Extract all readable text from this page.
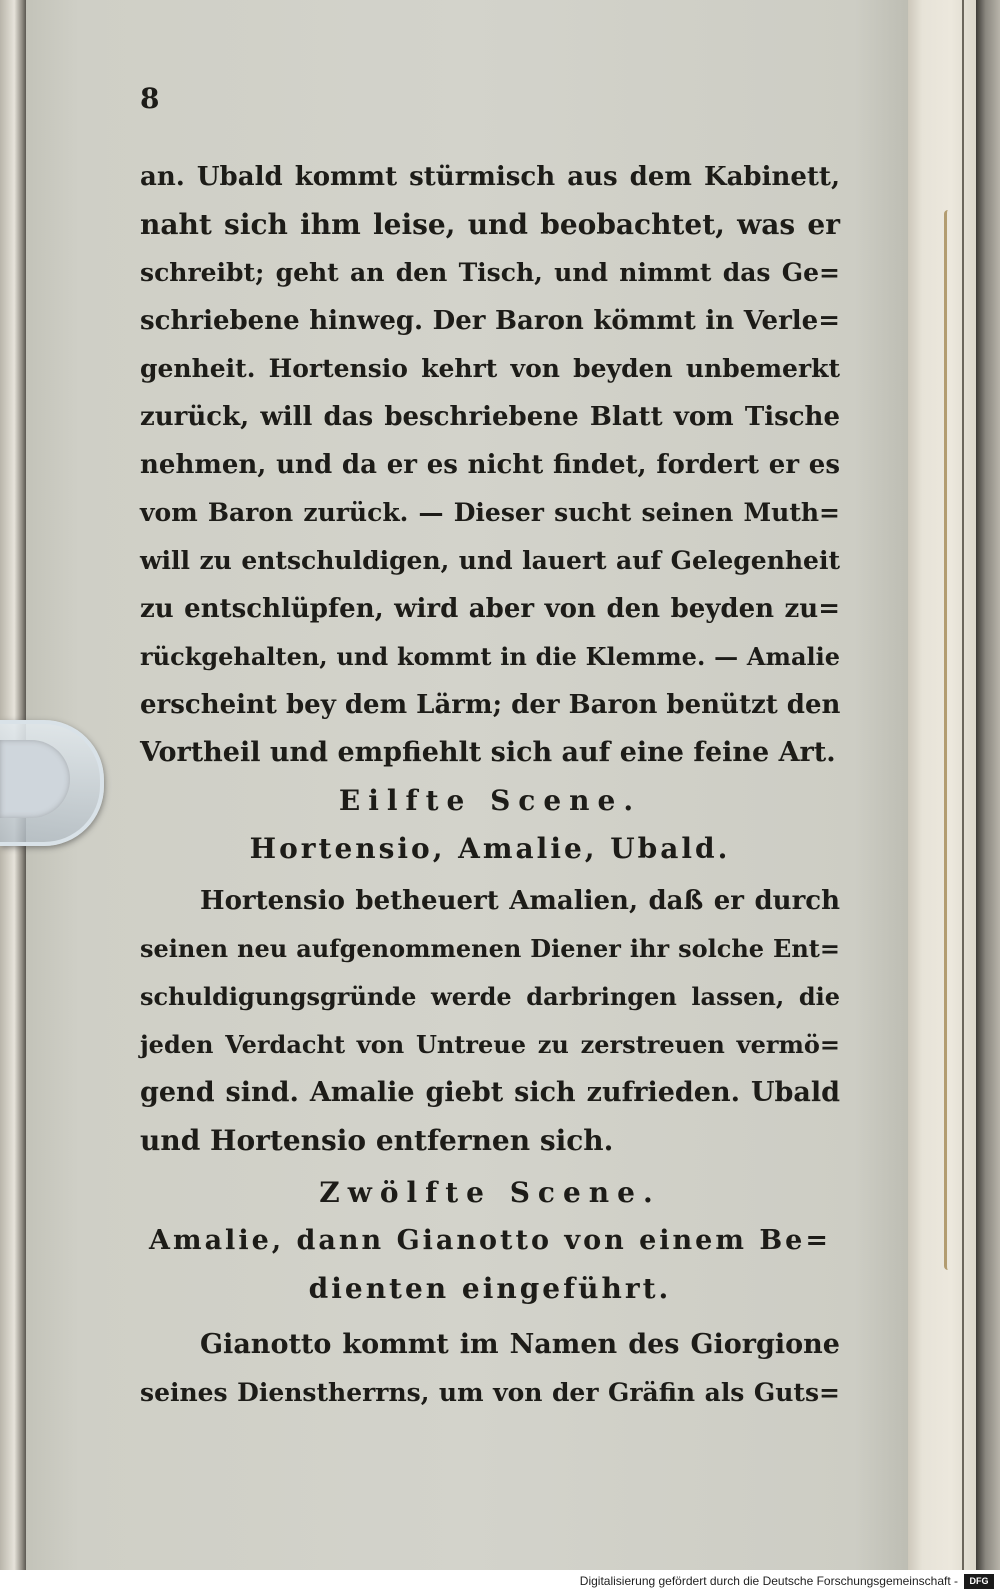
8

an. Ubald kommt stürmisch aus dem Kabinett,

naht sich ihm leise, und beobachtet, was er

schreibt; geht an den Tisch, und nimmt das Ge=

schriebene hinweg. Der Baron kömmt in Verle=

genheit. Hortensio kehrt von beyden unbemerkt

zurück, will das beschriebene Blatt vom Tische

nehmen, und da er es nicht findet, fordert er es

vom Baron zurück. — Dieser sucht seinen Muth=

will zu entschuldigen, und lauert auf Gelegenheit

zu entschlüpfen, wird aber von den beyden zu=

rückgehalten, und kommt in die Klemme. — Amalie

erscheint bey dem Lärm; der Baron benützt den

Vortheil und empfiehlt sich auf eine feine Art.

Eilfte Scene.

Hortensio, Amalie, Ubald.

Hortensio betheuert Amalien, daß er durch

seinen neu aufgenommenen Diener ihr solche Ent=

schuldigungsgründe werde darbringen lassen, die

jeden Verdacht von Untreue zu zerstreuen vermö=

gend sind. Amalie giebt sich zufrieden. Ubald

und Hortensio entfernen sich.

Zwölfte Scene.

Amalie, dann Gianotto von einem Be=

dienten eingeführt.

Gianotto kommt im Namen des Giorgione

seines Dienstherrns, um von der Gräfin als Guts=

Digitalisierung gefördert durch die Deutsche Forschungsgemeinschaft -	DFG
